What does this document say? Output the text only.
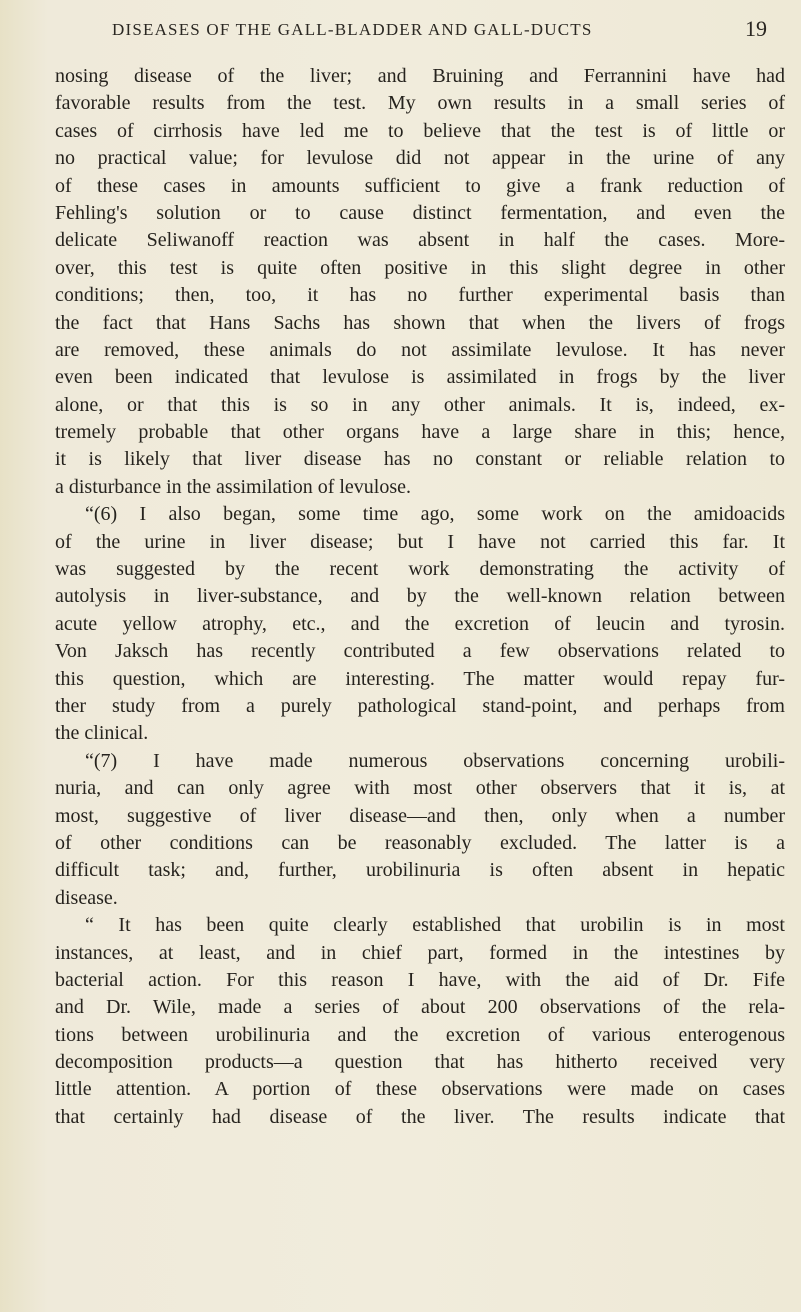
DISEASES OF THE GALL-BLADDER AND GALL-DUCTS	19
nosing disease of the liver; and Bruining and Ferrannini have had
favorable results from the test. My own results in a small series of
cases of cirrhosis have led me to believe that the test is of little or
no practical value; for levulose did not appear in the urine of any
of these cases in amounts sufficient to give a frank reduction of
Fehling's solution or to cause distinct fermentation, and even the
delicate Seliwanoff reaction was absent in half the cases. More-
over, this test is quite often positive in this slight degree in other
conditions; then, too, it has no further experimental basis than
the fact that Hans Sachs has shown that when the livers of frogs
are removed, these animals do not assimilate levulose. It has never
even been indicated that levulose is assimilated in frogs by the liver
alone, or that this is so in any other animals. It is, indeed, ex-
tremely probable that other organs have a large share in this; hence,
it is likely that liver disease has no constant or reliable relation to
a disturbance in the assimilation of levulose.
“(6) I also began, some time ago, some work on the amidoacids
of the urine in liver disease; but I have not carried this far. It
was suggested by the recent work demonstrating the activity of
autolysis in liver-substance, and by the well-known relation between
acute yellow atrophy, etc., and the excretion of leucin and tyrosin.
Von Jaksch has recently contributed a few observations related to
this question, which are interesting. The matter would repay fur-
ther study from a purely pathological stand-point, and perhaps from
the clinical.
“(7) I have made numerous observations concerning urobili-
nuria, and can only agree with most other observers that it is, at
most, suggestive of liver disease—and then, only when a number
of other conditions can be reasonably excluded. The latter is a
difficult task; and, further, urobilinuria is often absent in hepatic
disease.
“ It has been quite clearly established that urobilin is in most
instances, at least, and in chief part, formed in the intestines by
bacterial action. For this reason I have, with the aid of Dr. Fife
and Dr. Wile, made a series of about 200 observations of the rela-
tions between urobilinuria and the excretion of various enterogenous
decomposition products—a question that has hitherto received very
little attention. A portion of these observations were made on cases
that certainly had disease of the liver. The results indicate that
